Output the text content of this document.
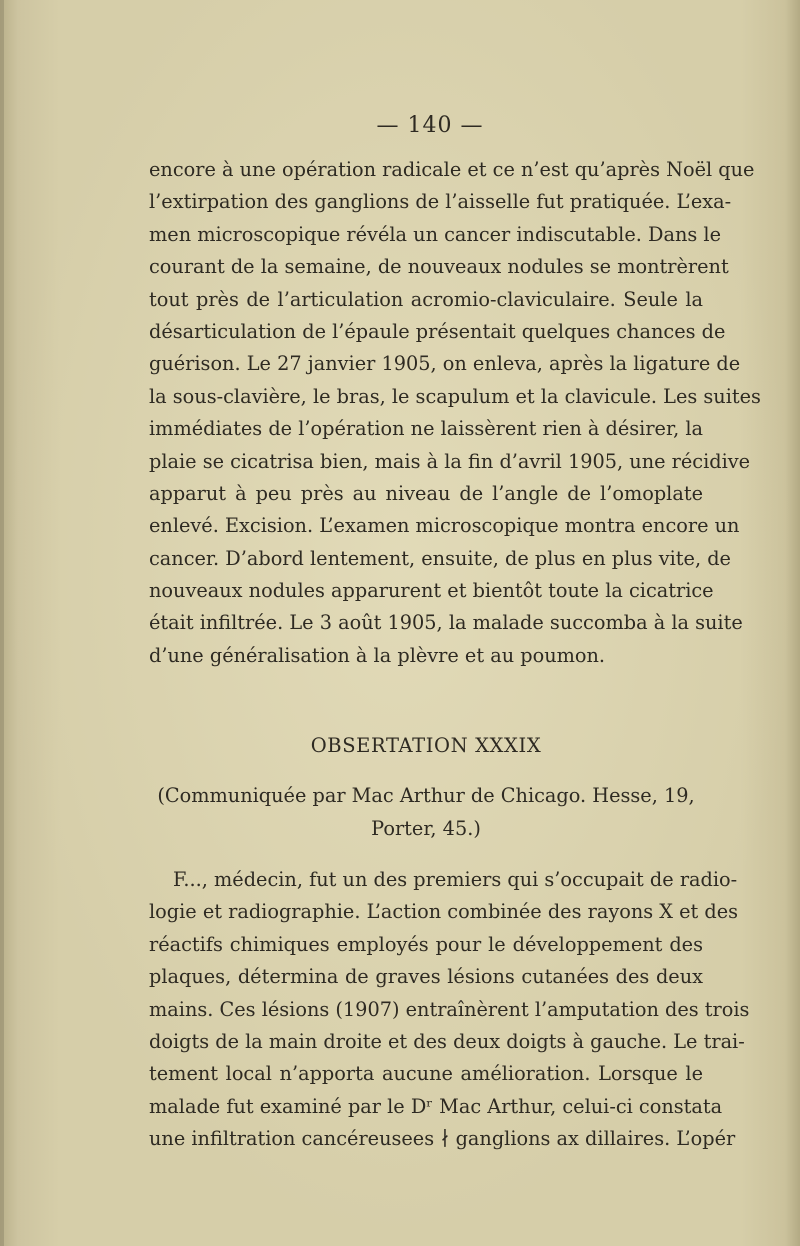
— 140 —
encore à une opération radicale et ce n’est qu’après Noël que
l’extirpation des ganglions de l’aisselle fut pratiquée. L’exa-
men microscopique révéla un cancer indiscutable. Dans le
courant de la semaine, de nouveaux nodules se montrèrent
tout près de l’articulation acromio-claviculaire. Seule la
désarticulation de l’épaule présentait quelques chances de
guérison. Le 27 janvier 1905, on enleva, après la ligature de
la sous-clavière, le bras, le scapulum et la clavicule. Les suites
immédiates de l’opération ne laissèrent rien à désirer, la
plaie se cicatrisa bien, mais à la fin d’avril 1905, une récidive
apparut à peu près au niveau de l’angle de l’omoplate
enlevé. Excision. L’examen microscopique montra encore un
cancer. D’abord lentement, ensuite, de plus en plus vite, de
nouveaux nodules apparurent et bientôt toute la cicatrice
était infiltrée. Le 3 août 1905, la malade succomba à la suite
d’une généralisation à la plèvre et au poumon.
OBSERTATION XXXIX
(Communiquée par Mac Arthur de Chicago. Hesse, 19,
Porter, 45.)
F..., médecin, fut un des premiers qui s’occupait de radio-
logie et radiographie. L’action combinée des rayons X et des
réactifs chimiques employés pour le développement des
plaques, détermina de graves lésions cutanées des deux
mains. Ces lésions (1907) entraînèrent l’amputation des trois
doigts de la main droite et des deux doigts à gauche. Le trai-
tement local n’apporta aucune amélioration. Lorsque le
malade fut examiné par le Dʳ Mac Arthur, celui-ci constata
une infiltration cancéreusees ∤ ganglions ax dillaires. L’opér
